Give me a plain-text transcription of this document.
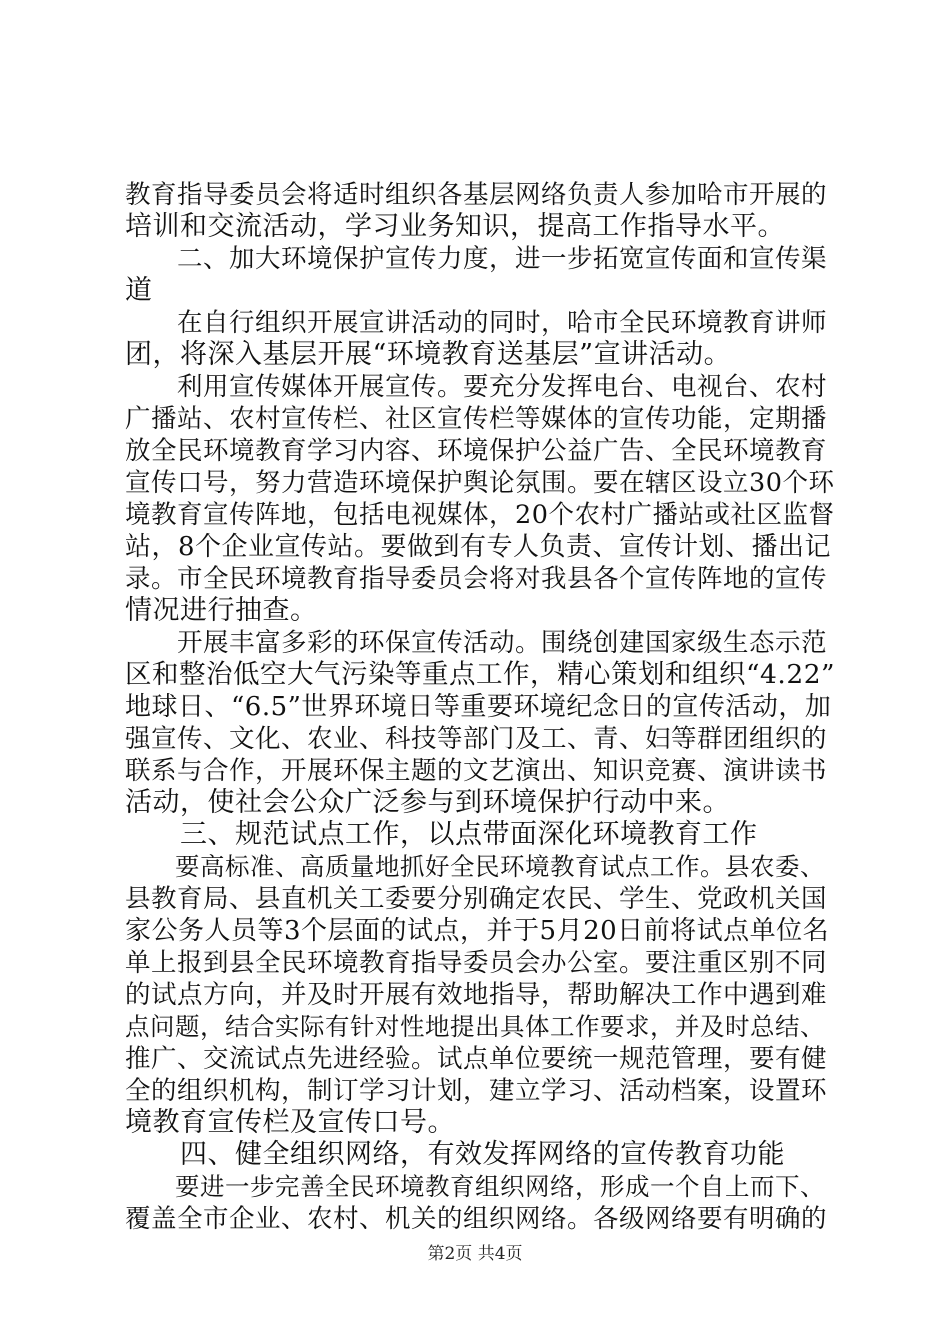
教育指导委员会将适时组织各基层网络负责人参加哈市开展的
培训和交流活动，学习业务知识，提高工作指导水平。
　　二、加大环境保护宣传力度，进一步拓宽宣传面和宣传渠
道
　　在自行组织开展宣讲活动的同时，哈市全民环境教育讲师
团，将深入基层开展“环境教育送基层”宣讲活动。
　　利用宣传媒体开展宣传。要充分发挥电台、电视台、农村
广播站、农村宣传栏、社区宣传栏等媒体的宣传功能，定期播
放全民环境教育学习内容、环境保护公益广告、全民环境教育
宣传口号，努力营造环境保护舆论氛围。要在辖区设立30个环
境教育宣传阵地，包括电视媒体，20个农村广播站或社区监督
站，8个企业宣传站。要做到有专人负责、宣传计划、播出记
录。市全民环境教育指导委员会将对我县各个宣传阵地的宣传
情况进行抽查。
　　开展丰富多彩的环保宣传活动。围绕创建国家级生态示范
区和整治低空大气污染等重点工作，精心策划和组织“4.22”
地球日、“6.5”世界环境日等重要环境纪念日的宣传活动，加
强宣传、文化、农业、科技等部门及工、青、妇等群团组织的
联系与合作，开展环保主题的文艺演出、知识竞赛、演讲读书
活动，使社会公众广泛参与到环境保护行动中来。
　　三、规范试点工作，以点带面深化环境教育工作
　　要高标准、高质量地抓好全民环境教育试点工作。县农委、
县教育局、县直机关工委要分别确定农民、学生、党政机关国
家公务人员等3个层面的试点，并于5月20日前将试点单位名
单上报到县全民环境教育指导委员会办公室。要注重区别不同
的试点方向，并及时开展有效地指导，帮助解决工作中遇到难
点问题，结合实际有针对性地提出具体工作要求，并及时总结、
推广、交流试点先进经验。试点单位要统一规范管理，要有健
全的组织机构，制订学习计划，建立学习、活动档案，设置环
境教育宣传栏及宣传口号。
　　四、健全组织网络，有效发挥网络的宣传教育功能
　　要进一步完善全民环境教育组织网络，形成一个自上而下、
覆盖全市企业、农村、机关的组织网络。各级网络要有明确的
第2页 共4页
